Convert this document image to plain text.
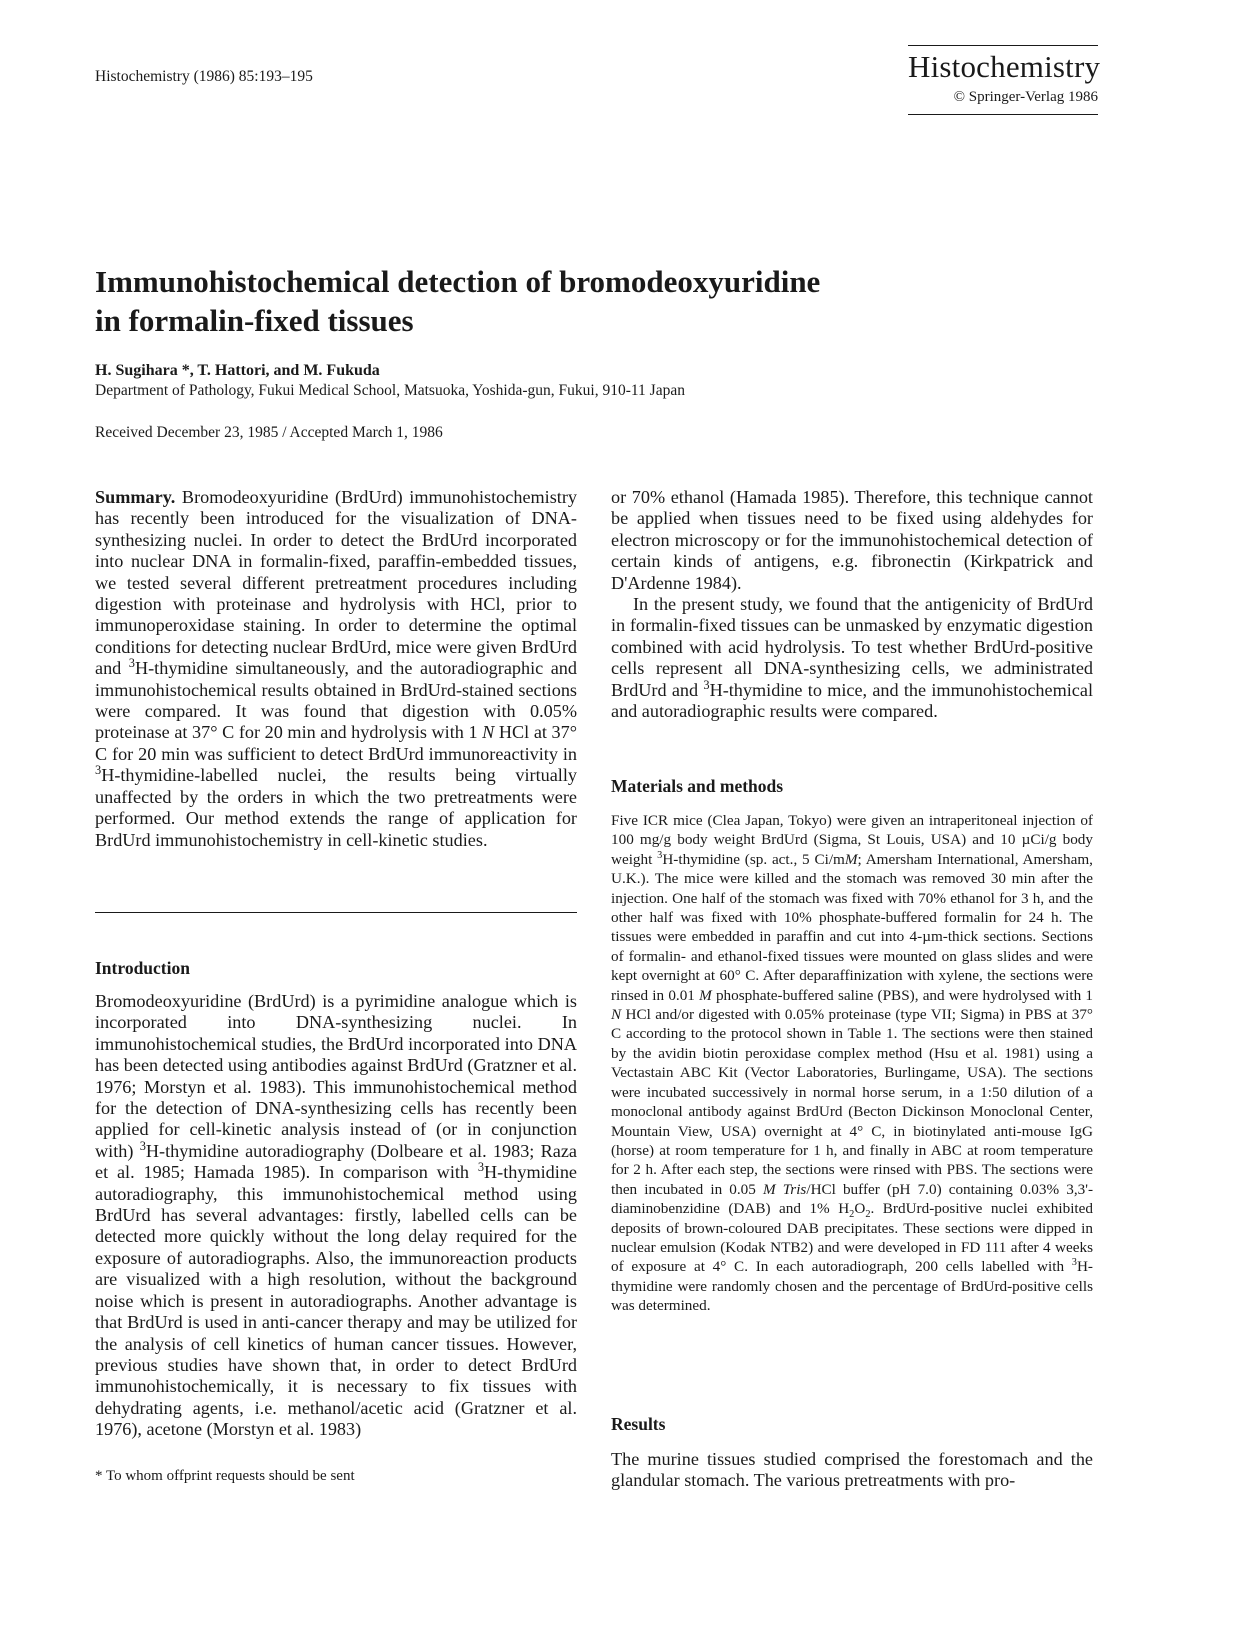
Histochemistry (1986) 85:193–195	Histochemistry
© Springer-Verlag 1986
Immunohistochemical detection of bromodeoxyuridine
in formalin-fixed tissues
H. Sugihara *, T. Hattori, and M. Fukuda
Department of Pathology, Fukui Medical School, Matsuoka, Yoshida-gun, Fukui, 910-11 Japan
Received December 23, 1985 / Accepted March 1, 1986

Summary. Bromodeoxyuridine (BrdUrd) immunohistochemistry has recently been introduced for the visualization of DNA-synthesizing nuclei. In order to detect the BrdUrd incorporated into nuclear DNA in formalin-fixed, paraffin-embedded tissues, we tested several different pretreatment procedures including digestion with proteinase and hydrolysis with HCl, prior to immunoperoxidase staining. In order to determine the optimal conditions for detecting nuclear BrdUrd, mice were given BrdUrd and $^3$H-thymidine simultaneously, and the autoradiographic and immunohistochemical results obtained in BrdUrd-stained sections were compared. It was found that digestion with 0.05% proteinase at 37° C for 20 min and hydrolysis with 1 N HCl at 37° C for 20 min was sufficient to detect BrdUrd immunoreactivity in $^3$H-thymidine-labelled nuclei, the results being virtually unaffected by the orders in which the two pretreatments were performed. Our method extends the range of application for BrdUrd immunohistochemistry in cell-kinetic studies.

Introduction

Bromodeoxyuridine (BrdUrd) is a pyrimidine analogue which is incorporated into DNA-synthesizing nuclei. In immunohistochemical studies, the BrdUrd incorporated into DNA has been detected using antibodies against BrdUrd (Gratzner et al. 1976; Morstyn et al. 1983). This immunohistochemical method for the detection of DNA-synthesizing cells has recently been applied for cell-kinetic analysis instead of (or in conjunction with) $^3$H-thymidine autoradiography (Dolbeare et al. 1983; Raza et al. 1985; Hamada 1985). In comparison with $^3$H-thymidine autoradiography, this immunohistochemical method using BrdUrd has several advantages: firstly, labelled cells can be detected more quickly without the long delay required for the exposure of autoradiographs. Also, the immunoreaction products are visualized with a high resolution, without the background noise which is present in autoradiographs. Another advantage is that BrdUrd is used in anti-cancer therapy and may be utilized for the analysis of cell kinetics of human cancer tissues. However, previous studies have shown that, in order to detect BrdUrd immunohistochemically, it is necessary to fix tissues with dehydrating agents, i.e. methanol/acetic acid (Gratzner et al. 1976), acetone (Morstyn et al. 1983)

* To whom offprint requests should be sent

or 70% ethanol (Hamada 1985). Therefore, this technique cannot be applied when tissues need to be fixed using aldehydes for electron microscopy or for the immunohistochemical detection of certain kinds of antigens, e.g. fibronectin (Kirkpatrick and D'Ardenne 1984).

In the present study, we found that the antigenicity of BrdUrd in formalin-fixed tissues can be unmasked by enzymatic digestion combined with acid hydrolysis. To test whether BrdUrd-positive cells represent all DNA-synthesizing cells, we administrated BrdUrd and $^3$H-thymidine to mice, and the immunohistochemical and autoradiographic results were compared.

Materials and methods

Five ICR mice (Clea Japan, Tokyo) were given an intraperitoneal injection of 100 mg/g body weight BrdUrd (Sigma, St Louis, USA) and 10 µCi/g body weight $^3$H-thymidine (sp. act., 5 Ci/mM; Amersham International, Amersham, U.K.). The mice were killed and the stomach was removed 30 min after the injection. One half of the stomach was fixed with 70% ethanol for 3 h, and the other half was fixed with 10% phosphate-buffered formalin for 24 h. The tissues were embedded in paraffin and cut into 4-µm-thick sections. Sections of formalin- and ethanol-fixed tissues were mounted on glass slides and were kept overnight at 60° C. After deparaffinization with xylene, the sections were rinsed in 0.01 M phosphate-buffered saline (PBS), and were hydrolysed with 1 N HCl and/or digested with 0.05% proteinase (type VII; Sigma) in PBS at 37° C according to the protocol shown in Table 1. The sections were then stained by the avidin biotin peroxidase complex method (Hsu et al. 1981) using a Vectastain ABC Kit (Vector Laboratories, Burlingame, USA). The sections were incubated successively in normal horse serum, in a 1:50 dilution of a monoclonal antibody against BrdUrd (Becton Dickinson Monoclonal Center, Mountain View, USA) overnight at 4° C, in biotinylated anti-mouse IgG (horse) at room temperature for 1 h, and finally in ABC at room temperature for 2 h. After each step, the sections were rinsed with PBS. The sections were then incubated in 0.05 M Tris/HCl buffer (pH 7.0) containing 0.03% 3,3'-diaminobenzidine (DAB) and 1% $H_2O_2$. BrdUrd-positive nuclei exhibited deposits of brown-coloured DAB precipitates. These sections were dipped in nuclear emulsion (Kodak NTB2) and were developed in FD 111 after 4 weeks of exposure at 4° C. In each autoradiograph, 200 cells labelled with $^3$H-thymidine were randomly chosen and the percentage of BrdUrd-positive cells was determined.

Results

The murine tissues studied comprised the forestomach and the glandular stomach. The various pretreatments with pro-
